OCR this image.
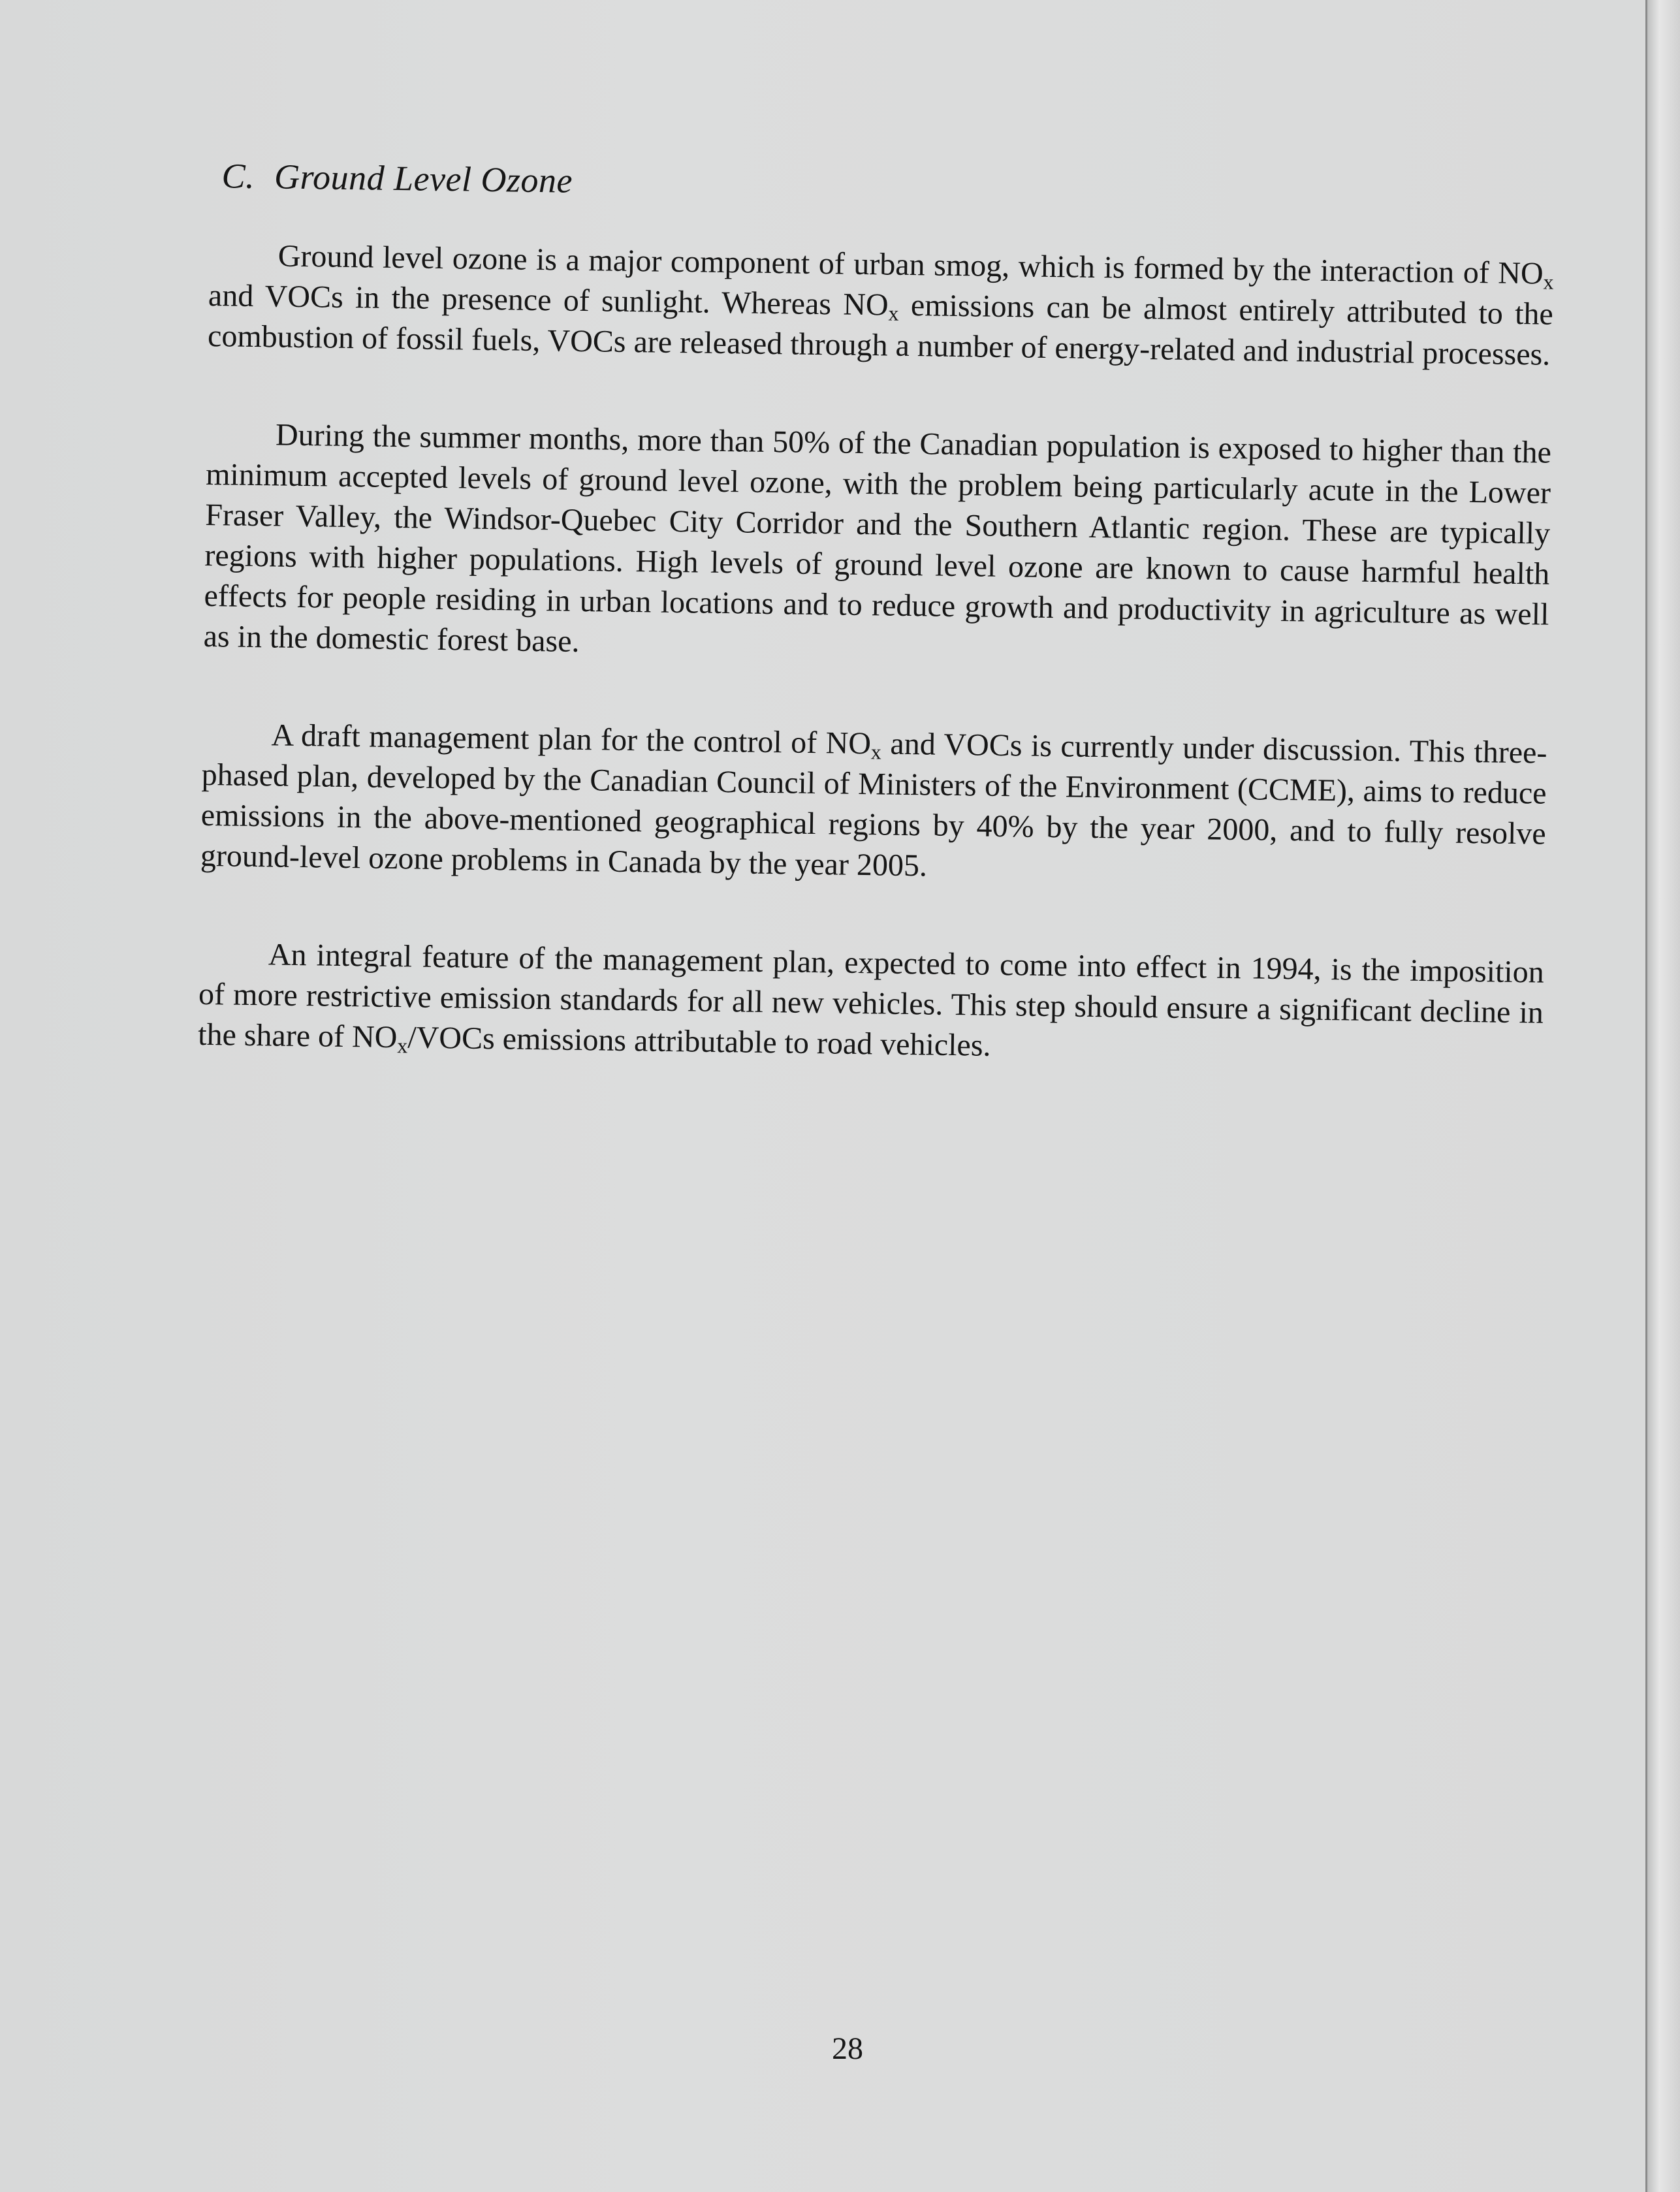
C. Ground Level Ozone

Ground level ozone is a major component of urban smog, which is formed by the interaction of $NO_x$ and VOCs in the presence of sunlight. Whereas $NO_x$ emissions can be almost entirely attributed to the combustion of fossil fuels, VOCs are released through a number of energy-related and industrial processes.

During the summer months, more than 50% of the Canadian population is exposed to higher than the minimum accepted levels of ground level ozone, with the problem being particularly acute in the Lower Fraser Valley, the Windsor-Quebec City Corridor and the Southern Atlantic region. These are typically regions with higher populations. High levels of ground level ozone are known to cause harmful health effects for people residing in urban locations and to reduce growth and productivity in agriculture as well as in the domestic forest base.

A draft management plan for the control of $NO_x$ and VOCs is currently under discussion. This three-phased plan, developed by the Canadian Council of Ministers of the Environment (CCME), aims to reduce emissions in the above-mentioned geographical regions by 40% by the year 2000, and to fully resolve ground-level ozone problems in Canada by the year 2005.

An integral feature of the management plan, expected to come into effect in 1994, is the imposition of more restrictive emission standards for all new vehicles. This step should ensure a significant decline in the share of $NO_x$/VOCs emissions attributable to road vehicles.

28
